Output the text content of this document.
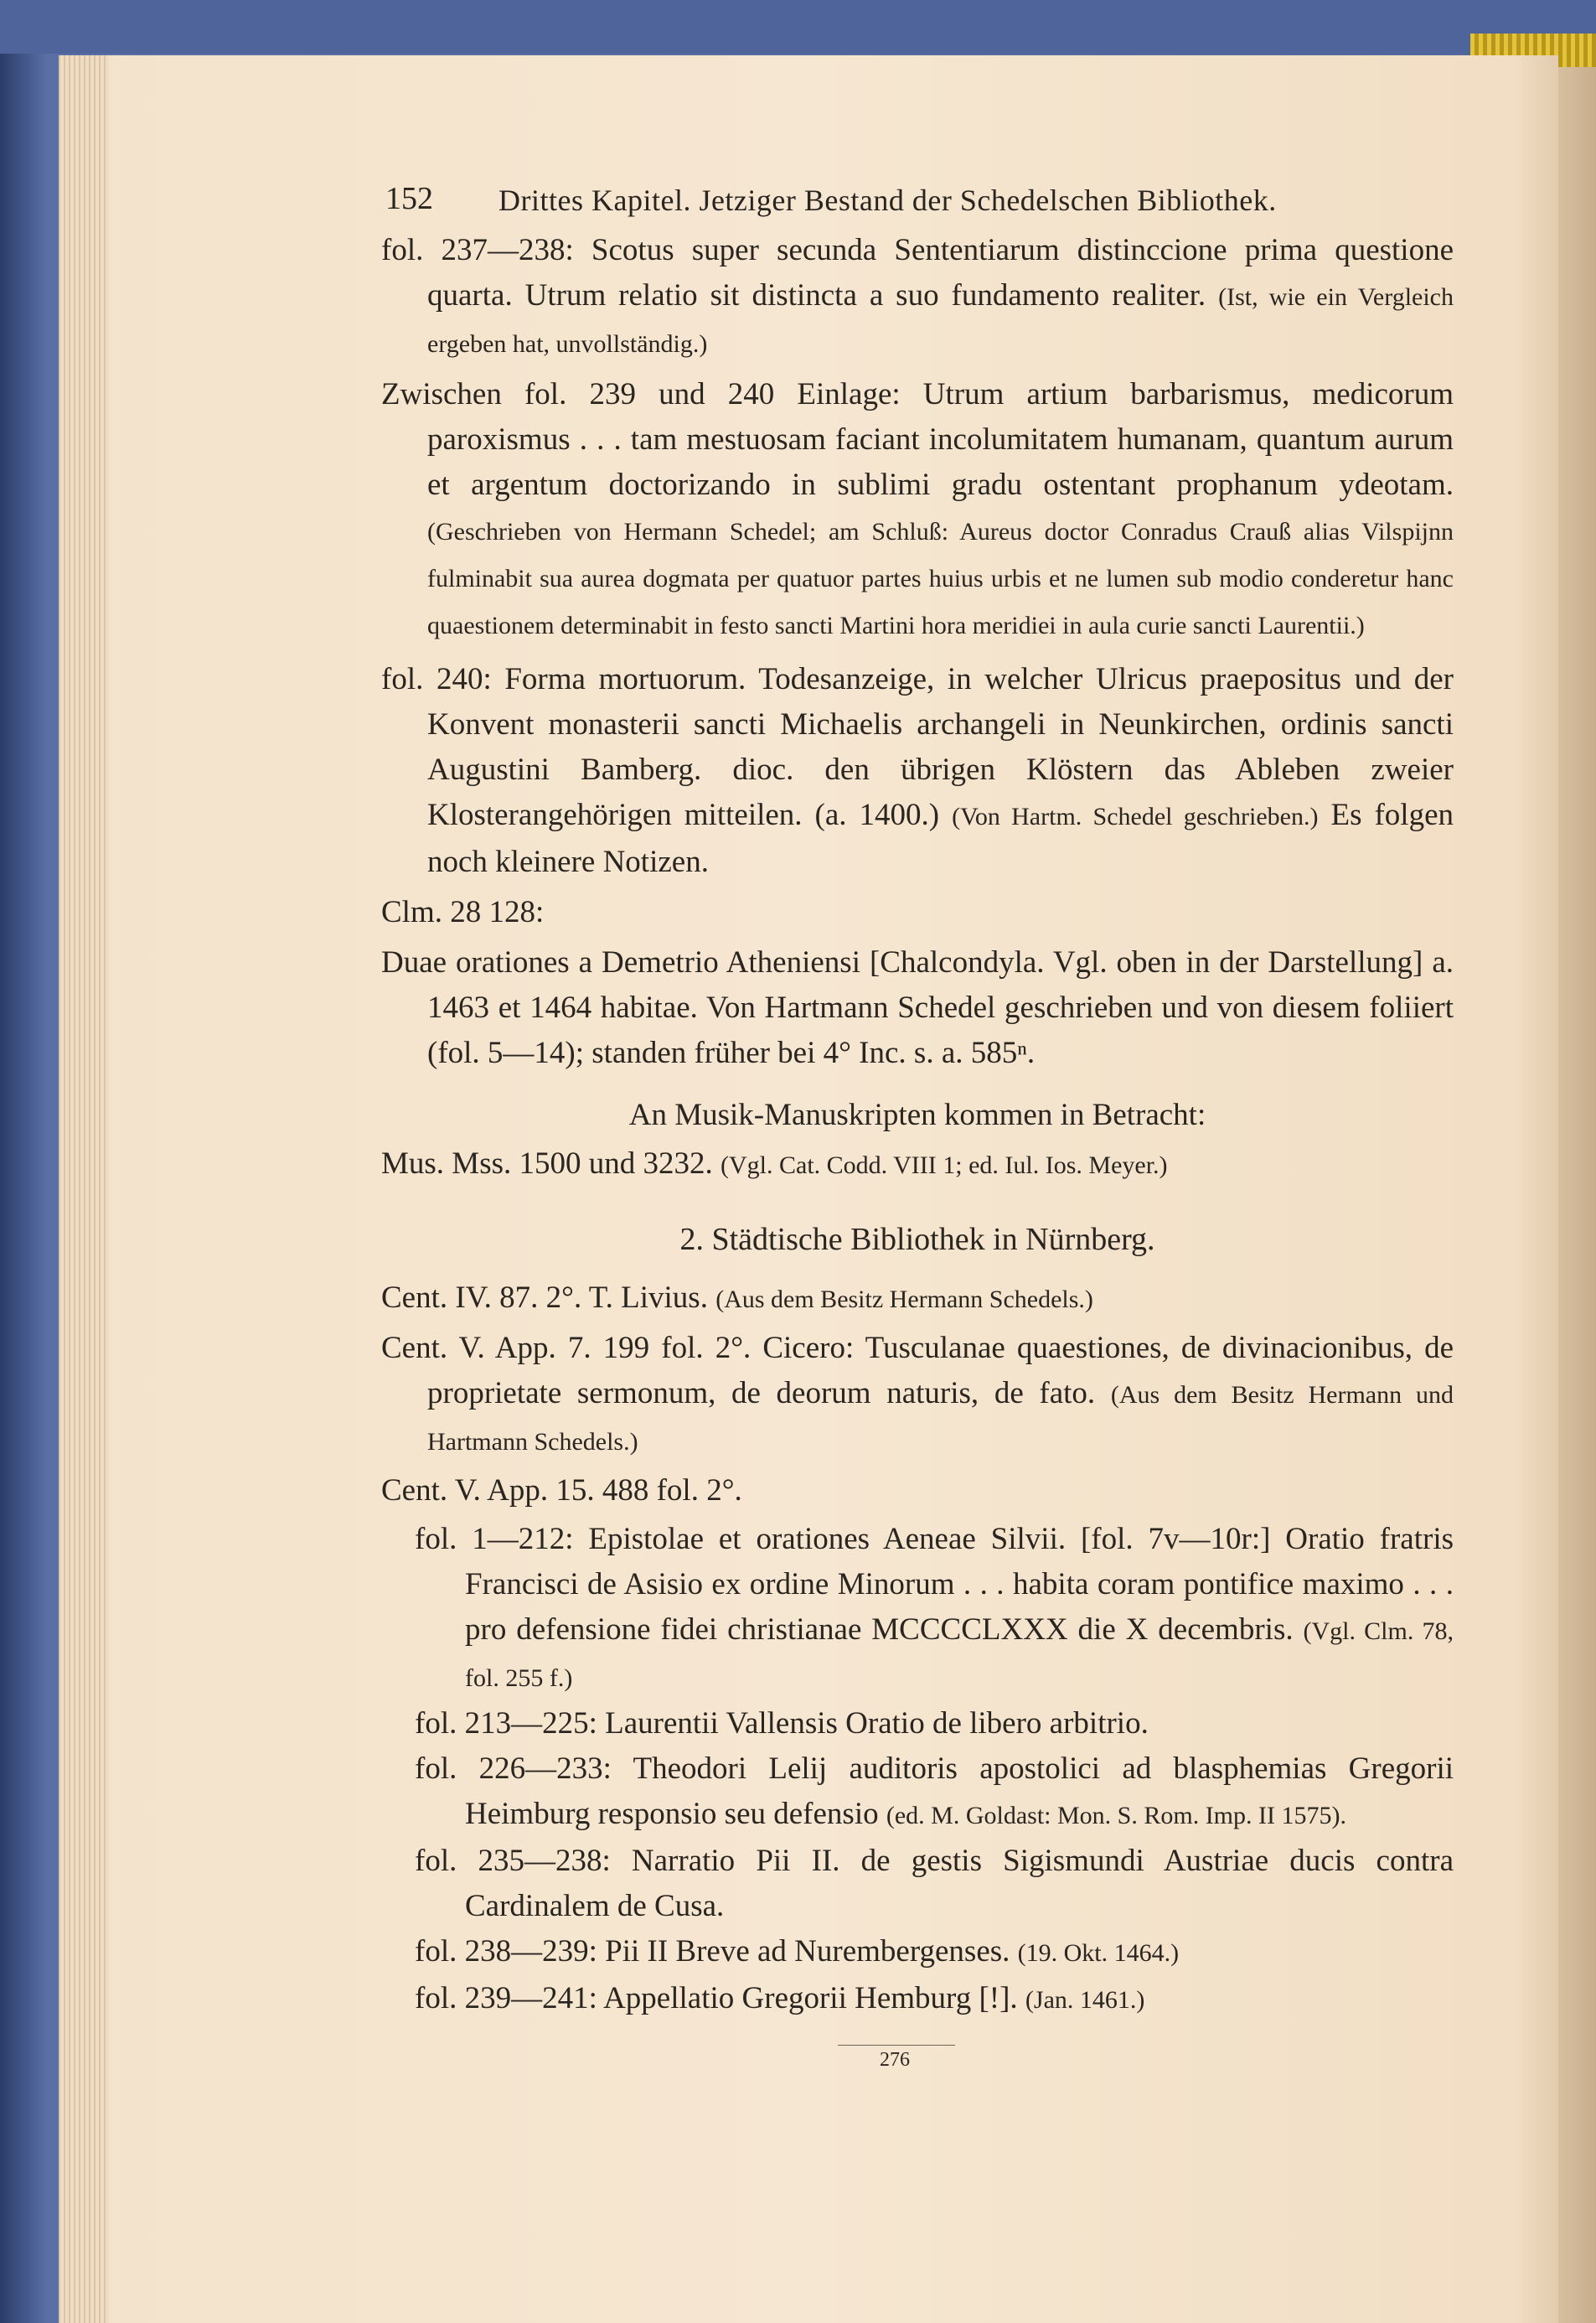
152 Drittes Kapitel. Jetziger Bestand der Schedelschen Bibliothek.

fol. 237—238: Scotus super secunda Sententiarum distinccione prima questione quarta. Utrum relatio sit distincta a suo fundamento realiter. (Ist, wie ein Vergleich ergeben hat, unvollständig.)

Zwischen fol. 239 und 240 Einlage: Utrum artium barbarismus, medicorum paroxismus . . . tam mestuosam faciant incolumitatem humanam, quantum aurum et argentum doctorizando in sublimi gradu ostentant prophanum ydeotam. (Geschrieben von Hermann Schedel; am Schluß: Aureus doctor Conradus Crauß alias Vilspijnn fulminabit sua aurea dogmata per quatuor partes huius urbis et ne lumen sub modio conderetur hanc quaestionem determinabit in festo sancti Martini hora meridiei in aula curie sancti Laurentii.)

fol. 240: Forma mortuorum. Todesanzeige, in welcher Ulricus praepositus und der Konvent monasterii sancti Michaelis archangeli in Neunkirchen, ordinis sancti Augustini Bamberg. dioc. den übrigen Klöstern das Ableben zweier Klosterangehörigen mitteilen. (a. 1400.) (Von Hartm. Schedel geschrieben.) Es folgen noch kleinere Notizen.

Clm. 28 128:

Duae orationes a Demetrio Atheniensi [Chalcondyla. Vgl. oben in der Darstellung] a. 1463 et 1464 habitae. Von Hartmann Schedel geschrieben und von diesem foliiert (fol. 5—14); standen früher bei 4° Inc. s. a. 585ⁿ.

An Musik-Manuskripten kommen in Betracht:

Mus. Mss. 1500 und 3232. (Vgl. Cat. Codd. VIII 1; ed. Iul. Ios. Meyer.)

2. Städtische Bibliothek in Nürnberg.

Cent. IV. 87. 2°. T. Livius. (Aus dem Besitz Hermann Schedels.)

Cent. V. App. 7. 199 fol. 2°. Cicero: Tusculanae quaestiones, de divinacionibus, de proprietate sermonum, de deorum naturis, de fato. (Aus dem Besitz Hermann und Hartmann Schedels.)

Cent. V. App. 15. 488 fol. 2°.

fol. 1—212: Epistolae et orationes Aeneae Silvii. [fol. 7v—10r:] Oratio fratris Francisci de Asisio ex ordine Minorum . . . habita coram pontifice maximo . . . pro defensione fidei christianae MCCCCLXXX die X decembris. (Vgl. Clm. 78, fol. 255 f.)

fol. 213—225: Laurentii Vallensis Oratio de libero arbitrio.

fol. 226—233: Theodori Lelij auditoris apostolici ad blasphemias Gregorii Heimburg responsio seu defensio (ed. M. Goldast: Mon. S. Rom. Imp. II 1575).

fol. 235—238: Narratio Pii II. de gestis Sigismundi Austriae ducis contra Cardinalem de Cusa.

fol. 238—239: Pii II Breve ad Nurembergenses. (19. Okt. 1464.)

fol. 239—241: Appellatio Gregorii Hemburg [!]. (Jan. 1461.)

276
